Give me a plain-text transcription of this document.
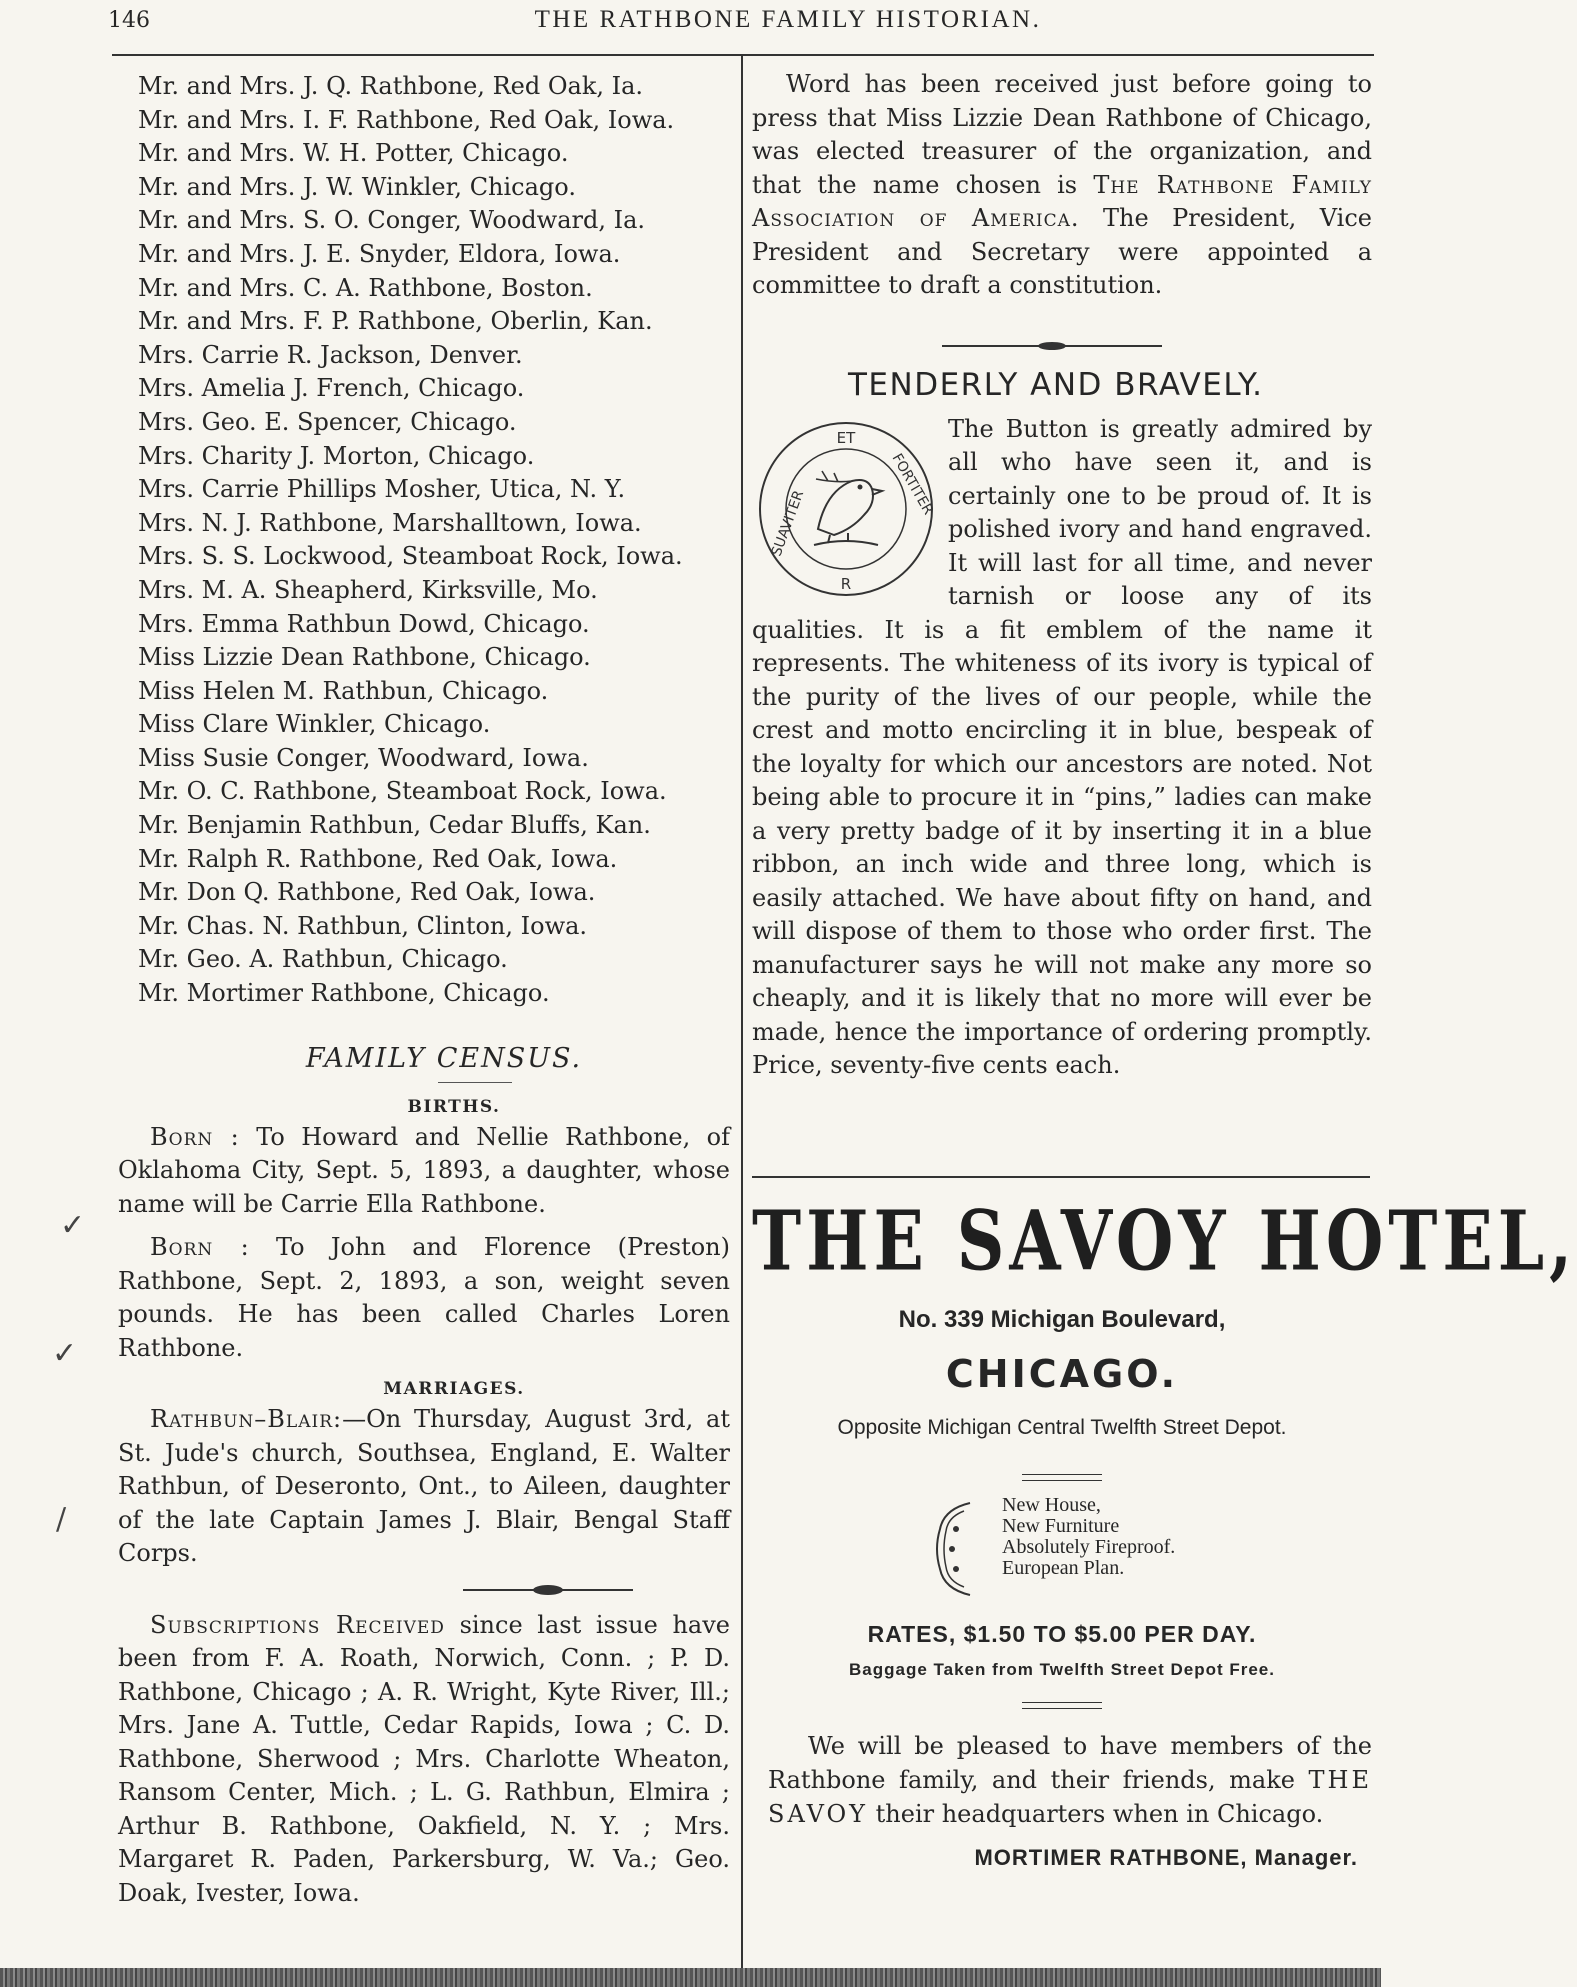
146	THE RATHBONE FAMILY HISTORIAN.
Mr. and Mrs. J. Q. Rathbone, Red Oak, Ia.
Mr. and Mrs. I. F. Rathbone, Red Oak, Iowa.
Mr. and Mrs. W. H. Potter, Chicago.
Mr. and Mrs. J. W. Winkler, Chicago.
Mr. and Mrs. S. O. Conger, Woodward, Ia.
Mr. and Mrs. J. E. Snyder, Eldora, Iowa.
Mr. and Mrs. C. A. Rathbone, Boston.
Mr. and Mrs. F. P. Rathbone, Oberlin, Kan.
Mrs. Carrie R. Jackson, Denver.
Mrs. Amelia J. French, Chicago.
Mrs. Geo. E. Spencer, Chicago.
Mrs. Charity J. Morton, Chicago.
Mrs. Carrie Phillips Mosher, Utica, N. Y.
Mrs. N. J. Rathbone, Marshalltown, Iowa.
Mrs. S. S. Lockwood, Steamboat Rock, Iowa.
Mrs. M. A. Sheapherd, Kirksville, Mo.
Mrs. Emma Rathbun Dowd, Chicago.
Miss Lizzie Dean Rathbone, Chicago.
Miss Helen M. Rathbun, Chicago.
Miss Clare Winkler, Chicago.
Miss Susie Conger, Woodward, Iowa.
Mr. O. C. Rathbone, Steamboat Rock, Iowa.
Mr. Benjamin Rathbun, Cedar Bluffs, Kan.
Mr. Ralph R. Rathbone, Red Oak, Iowa.
Mr. Don Q. Rathbone, Red Oak, Iowa.
Mr. Chas. N. Rathbun, Clinton, Iowa.
Mr. Geo. A. Rathbun, Chicago.
Mr. Mortimer Rathbone, Chicago.
FAMILY CENSUS.
BIRTHS.

Born : To Howard and Nellie Rathbone, of Oklahoma City, Sept. 5, 1893, a daughter, whose name will be Carrie Ella Rathbone.

Born : To John and Florence (Preston) Rathbone, Sept. 2, 1893, a son, weight seven pounds. He has been called Charles Loren Rathbone.

MARRIAGES.

Rathbun–Blair:—On Thursday, August 3rd, at St. Jude's church, Southsea, England, E. Walter Rathbun, of Deseronto, Ont., to Aileen, daughter of the late Captain James J. Blair, Bengal Staff Corps.

Subscriptions Received since last issue have been from F. A. Roath, Norwich, Conn. ; P. D. Rathbone, Chicago ; A. R. Wright, Kyte River, Ill.; Mrs. Jane A. Tuttle, Cedar Rapids, Iowa ; C. D. Rathbone, Sherwood ; Mrs. Charlotte Wheaton, Ransom Center, Mich. ; L. G. Rathbun, Elmira ; Arthur B. Rathbone, Oakfield, N. Y. ; Mrs. Margaret R. Paden, Parkersburg, W. Va.; Geo. Doak, Ivester, Iowa.

Word has been received just before going to press that Miss Lizzie Dean Rathbone of Chicago, was elected treasurer of the organization, and that the name chosen is The Rathbone Family Association of America. The President, Vice President and Secretary were appointed a committee to draft a constitution.

TENDERLY AND BRAVELY.
ET
FORTITER
SUAVITER
R

The Button is greatly admired by all who have seen it, and is certainly one to be proud of. It is polished ivory and hand engraved. It will last for all time, and never tarnish or loose any of its qualities. It is a fit emblem of the name it represents. The whiteness of its ivory is typical of the purity of the lives of our people, while the crest and motto encircling it in blue, bespeak of the loyalty for which our ancestors are noted. Not being able to procure it in “pins,” ladies can make a very pretty badge of it by inserting it in a blue ribbon, an inch wide and three long, which is easily attached. We have about fifty on hand, and will dispose of them to those who order first. The manufacturer says he will not make any more so cheaply, and it is likely that no more will ever be made, hence the importance of ordering promptly. Price, seventy-five cents each.

THE SAVOY HOTEL,
No. 339 Michigan Boulevard,
CHICAGO.
Opposite Michigan Central Twelfth Street Depot.
New House,
New Furniture
Absolutely Fireproof.
European Plan.
RATES, $1.50 TO $5.00 PER DAY.
Baggage Taken from Twelfth Street Depot Free.

We will be pleased to have members of the Rathbone family, and their friends, make THE SAVOY their headquarters when in Chicago.

MORTIMER RATHBONE, Manager.
✓
✓
∕
